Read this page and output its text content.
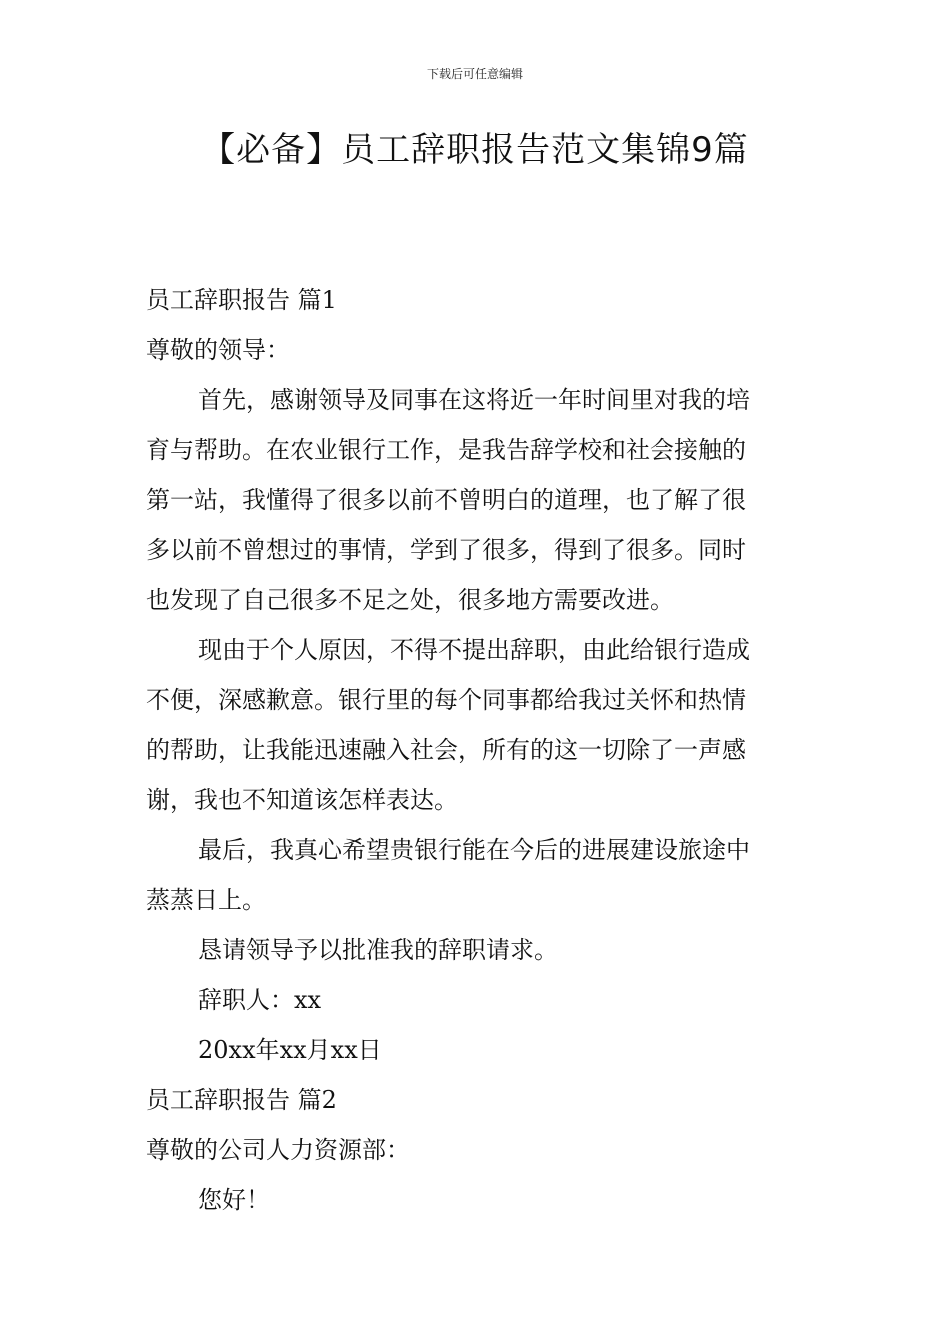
下载后可任意编辑
【必备】员工辞职报告范文集锦9篇
员工辞职报告 篇1
尊敬的领导：
首先，感谢领导及同事在这将近一年时间里对我的培
育与帮助。在农业银行工作，是我告辞学校和社会接触的
第一站，我懂得了很多以前不曾明白的道理，也了解了很
多以前不曾想过的事情，学到了很多，得到了很多。同时
也发现了自己很多不足之处，很多地方需要改进。
现由于个人原因，不得不提出辞职，由此给银行造成
不便，深感歉意。银行里的每个同事都给我过关怀和热情
的帮助，让我能迅速融入社会，所有的这一切除了一声感
谢，我也不知道该怎样表达。
最后，我真心希望贵银行能在今后的进展建设旅途中
蒸蒸日上。
恳请领导予以批准我的辞职请求。
辞职人：xx
20xx年xx月xx日
员工辞职报告 篇2
尊敬的公司人力资源部：
您好！
